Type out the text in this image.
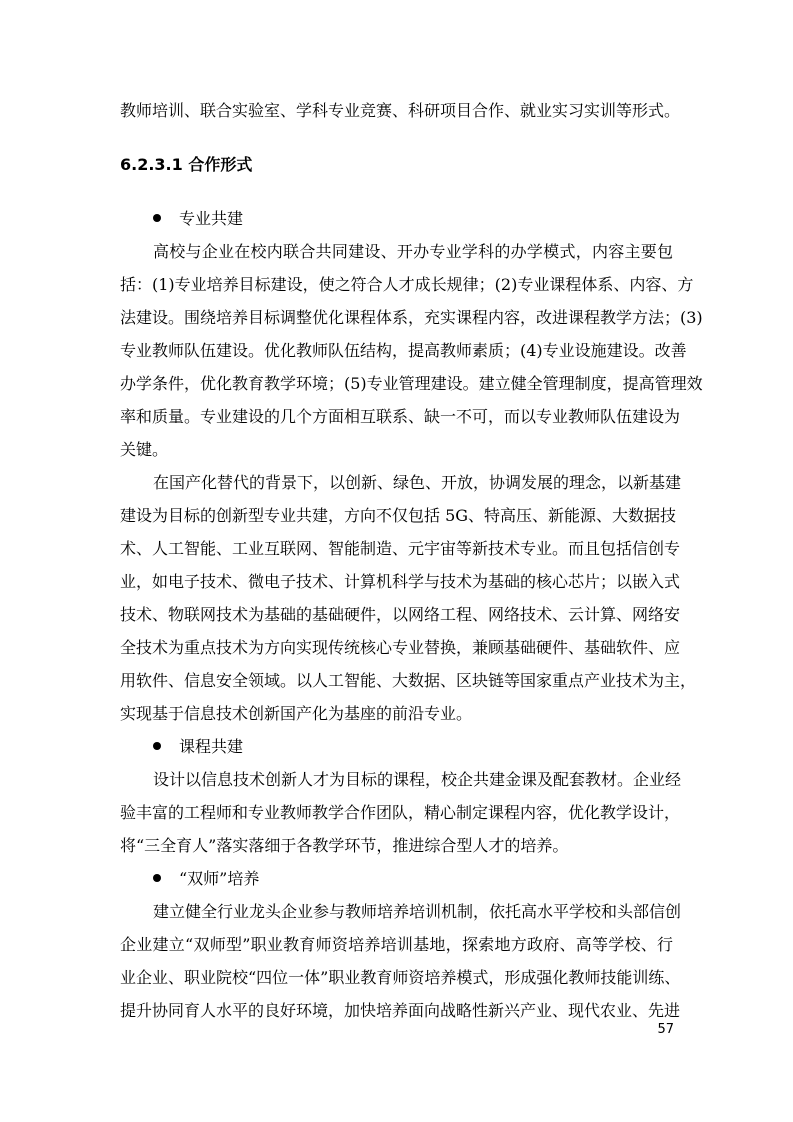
教师培训、联合实验室、学科专业竞赛、科研项目合作、就业实习实训等形式。
6.2.3.1 合作形式
专业共建
高校与企业在校内联合共同建设、开办专业学科的办学模式，内容主要包
括：(1)专业培养目标建设，使之符合人才成长规律；(2)专业课程体系、内容、方
法建设。围绕培养目标调整优化课程体系，充实课程内容，改进课程教学方法；(3)
专业教师队伍建设。优化教师队伍结构，提高教师素质；(4)专业设施建设。改善
办学条件，优化教育教学环境；(5)专业管理建设。建立健全管理制度，提高管理效
率和质量。专业建设的几个方面相互联系、缺一不可，而以专业教师队伍建设为
关键。
在国产化替代的背景下，以创新、绿色、开放，协调发展的理念，以新基建
建设为目标的创新型专业共建，方向不仅包括 5G、特高压、新能源、大数据技
术、人工智能、工业互联网、智能制造、元宇宙等新技术专业。而且包括信创专
业，如电子技术、微电子技术、计算机科学与技术为基础的核心芯片；以嵌入式
技术、物联网技术为基础的基础硬件，以网络工程、网络技术、云计算、网络安
全技术为重点技术为方向实现传统核心专业替换，兼顾基础硬件、基础软件、应
用软件、信息安全领域。以人工智能、大数据、区块链等国家重点产业技术为主，
实现基于信息技术创新国产化为基座的前沿专业。
课程共建
设计以信息技术创新人才为目标的课程，校企共建金课及配套教材。企业经
验丰富的工程师和专业教师教学合作团队，精心制定课程内容，优化教学设计，
将“三全育人”落实落细于各教学环节，推进综合型人才的培养。
“双师”培养
建立健全行业龙头企业参与教师培养培训机制，依托高水平学校和头部信创
企业建立“双师型”职业教育师资培养培训基地，探索地方政府、高等学校、行
业企业、职业院校“四位一体”职业教育师资培养模式，形成强化教师技能训练、
提升协同育人水平的良好环境，加快培养面向战略性新兴产业、现代农业、先进
57
